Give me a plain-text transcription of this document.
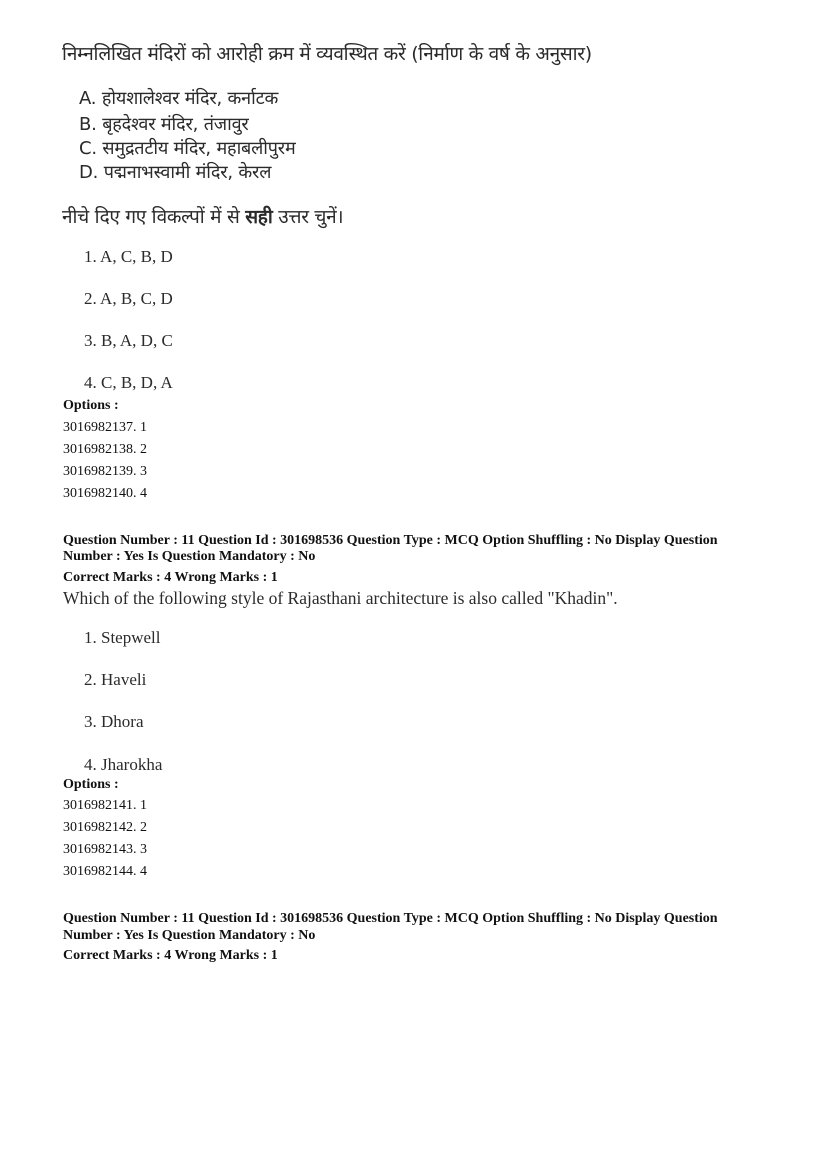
निम्नलिखित मंदिरों को आरोही क्रम में व्यवस्थित करें (निर्माण के वर्ष के अनुसार)
A. होयशालेश्वर मंदिर, कर्नाटक
B. बृहदेश्वर मंदिर, तंजावुर
C. समुद्रतटीय मंदिर, महाबलीपुरम
D. पद्मनाभस्वामी मंदिर, केरल
नीचे दिए गए विकल्पों में से सही उत्तर चुनें।
1. A, C, B, D
2. A, B, C, D
3. B, A, D, C
4. C, B, D, A
Options :
3016982137. 1
3016982138. 2
3016982139. 3
3016982140. 4
Question Number : 11 Question Id : 301698536 Question Type : MCQ Option Shuffling : No Display Question
Number : Yes Is Question Mandatory : No
Correct Marks : 4 Wrong Marks : 1
Which of the following style of Rajasthani architecture is also called "Khadin".
1. Stepwell
2. Haveli
3. Dhora
4. Jharokha
Options :
3016982141. 1
3016982142. 2
3016982143. 3
3016982144. 4
Question Number : 11 Question Id : 301698536 Question Type : MCQ Option Shuffling : No Display Question
Number : Yes Is Question Mandatory : No
Correct Marks : 4 Wrong Marks : 1
